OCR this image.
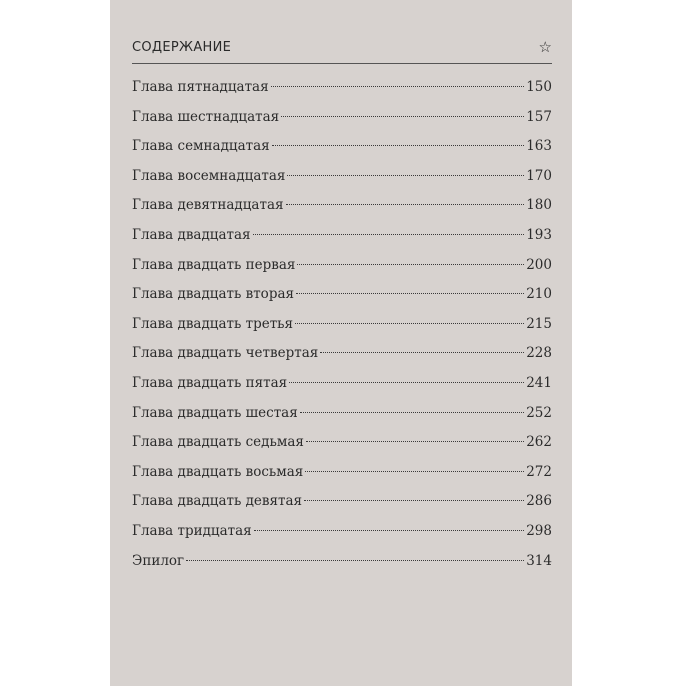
СОДЕРЖАНИЕ	☆
Глава пятнадцатая	150
Глава шестнадцатая	157
Глава семнадцатая	163
Глава восемнадцатая	170
Глава девятнадцатая	180
Глава двадцатая	193
Глава двадцать первая	200
Глава двадцать вторая	210
Глава двадцать третья	215
Глава двадцать четвертая	228
Глава двадцать пятая	241
Глава двадцать шестая	252
Глава двадцать седьмая	262
Глава двадцать восьмая	272
Глава двадцать девятая	286
Глава тридцатая	298
Эпилог	314
